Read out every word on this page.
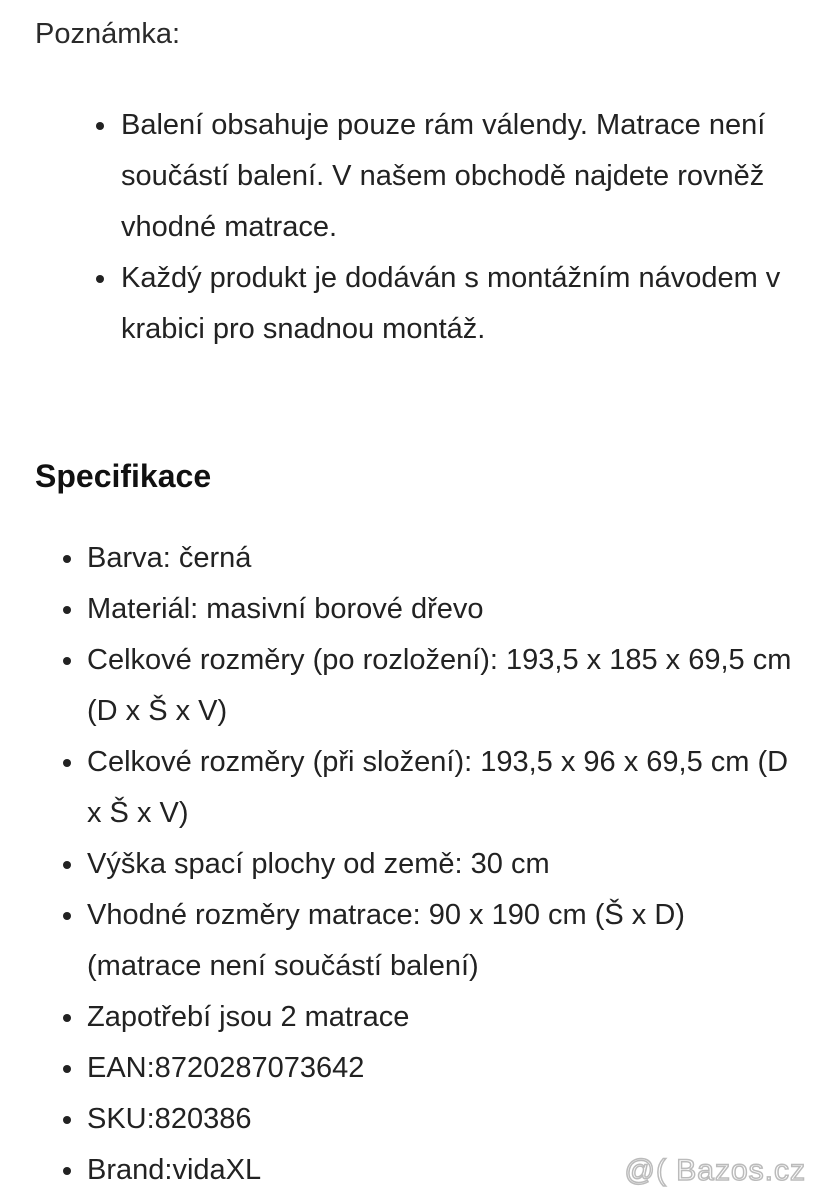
Poznámka:
Balení obsahuje pouze rám válendy. Matrace není součástí balení. V našem obchodě najdete rovněž vhodné matrace.
Každý produkt je dodáván s montážním návodem v krabici pro snadnou montáž.
Specifikace
Barva: černá
Materiál: masivní borové dřevo
Celkové rozměry (po rozložení): 193,5 x 185 x 69,5 cm (D x Š x V)
Celkové rozměry (při složení): 193,5 x 96 x 69,5 cm (D x Š x V)
Výška spací plochy od země: 30 cm
Vhodné rozměry matrace: 90 x 190 cm (Š x D) (matrace není součástí balení)
Zapotřebí jsou 2 matrace
EAN:8720287073642
SKU:820386
Brand:vidaXL	@( Bazos.cz
